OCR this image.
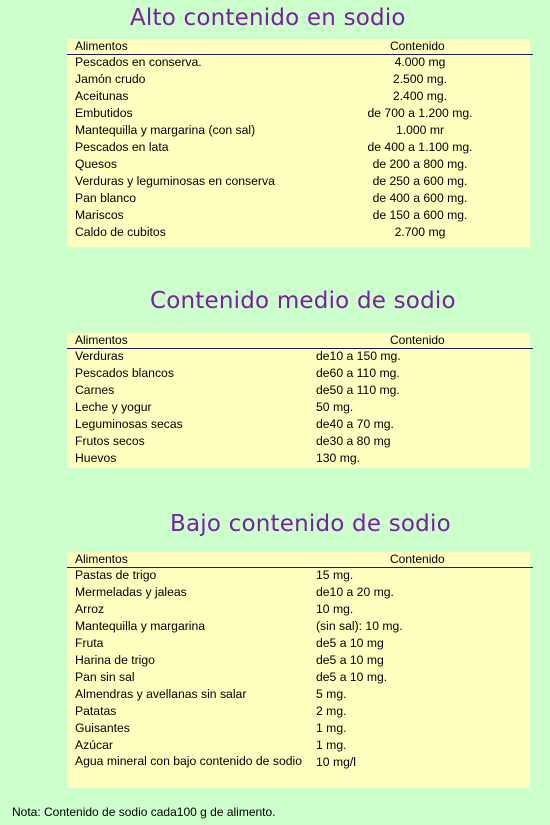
Alto contenido en sodio
Alimentos	Contenido
Pescados en conserva.	4.000 mg
Jamón crudo	2.500 mg.
Aceitunas	2.400 mg.
Embutidos	de 700 a 1.200 mg.
Mantequilla y margarina (con sal)	1.000 mr
Pescados en lata	de 400 a 1.100 mg.
Quesos	de 200 a 800 mg.
Verduras y leguminosas en conserva	de 250 a 600 mg.
Pan blanco	de 400 a 600 mg.
Mariscos	de 150 a 600 mg.
Caldo de cubitos	2.700 mg
Contenido medio de sodio
Alimentos	Contenido
Verduras	de10 a 150 mg.
Pescados blancos	de60 a 110 mg.
Carnes	de50 a 110 mg.
Leche y yogur	50 mg.
Leguminosas secas	de40 a 70 mg.
Frutos secos	de30 a 80 mg
Huevos	130 mg.
Bajo contenido de sodio
Alimentos	Contenido
Pastas de trigo	15 mg.
Mermeladas y jaleas	de10 a 20 mg.
Arroz	10 mg.
Mantequilla y margarina	(sin sal): 10 mg.
Fruta	de5 a 10 mg
Harina de trigo	de5 a 10 mg
Pan sin sal	de5 a 10 mg.
Almendras y avellanas sin salar	5 mg.
Patatas	2 mg.
Guisantes	1 mg.
Azúcar	1 mg.
Agua mineral con bajo contenido de sodio 10 mg/l
Nota: Contenido de sodio cada100 g de alimento.
